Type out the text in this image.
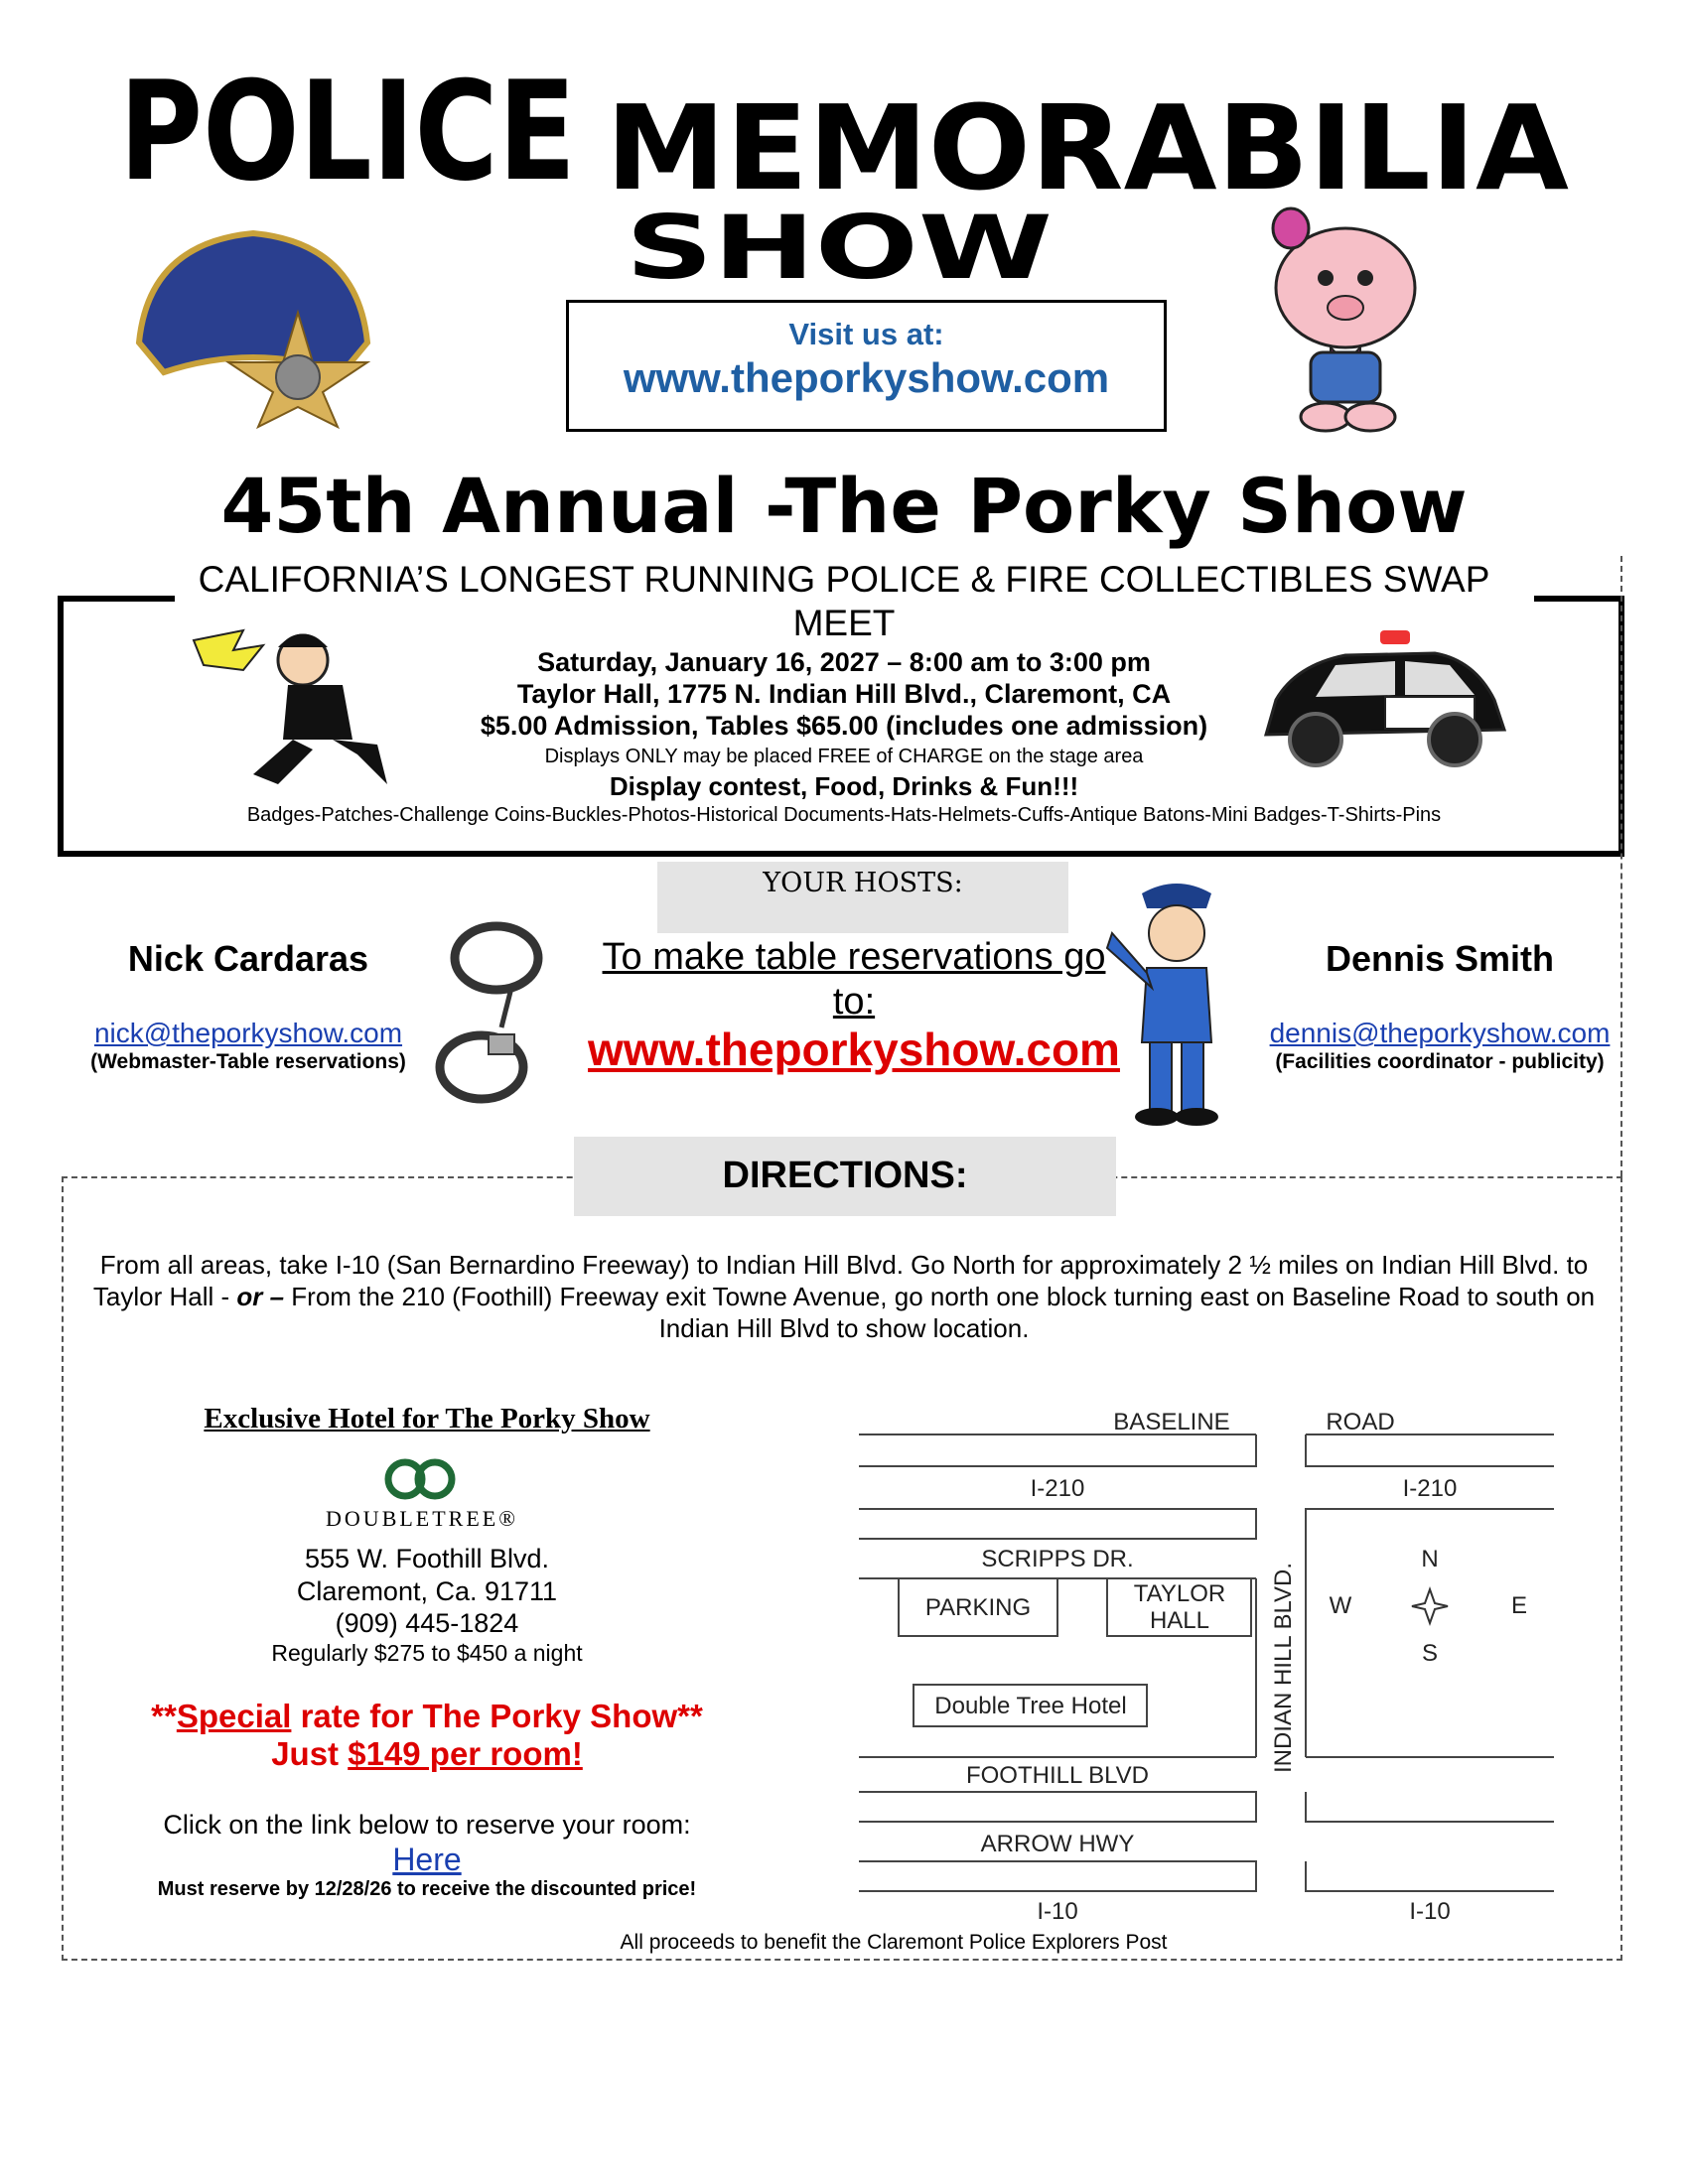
POLICE MEMORABILIA
SHOW
Visit us at:
www.theporkyshow.com
45th Annual -The Porky Show
CALIFORNIA’S LONGEST RUNNING POLICE & FIRE COLLECTIBLES SWAP MEET
Saturday, January 16, 2027 – 8:00 am to 3:00 pm
Taylor Hall, 1775 N. Indian Hill Blvd., Claremont, CA
$5.00 Admission, Tables $65.00 (includes one admission)
Displays ONLY may be placed FREE of CHARGE on the stage area
Display contest, Food, Drinks & Fun!!!
Badges-Patches-Challenge Coins-Buckles-Photos-Historical Documents-Hats-Helmets-Cuffs-Antique Batons-Mini Badges-T-Shirts-Pins
YOUR HOSTS:
Nick Cardaras
nick@theporkyshow.com
(Webmaster-Table reservations)
To make table reservations go to:
www.theporkyshow.com
Dennis Smith
dennis@theporkyshow.com
(Facilities coordinator - publicity)
DIRECTIONS:
From all areas, take I-10 (San Bernardino Freeway) to Indian Hill Blvd. Go North for approximately 2 ½ miles on Indian Hill Blvd. to Taylor Hall - or – From the 210 (Foothill) Freeway exit Towne Avenue, go north one block turning east on Baseline Road to south on Indian Hill Blvd to show location.
Exclusive Hotel for The Porky Show
DOUBLETREE®
555 W. Foothill Blvd.
Claremont, Ca. 91711
(909) 445-1824
Regularly $275 to $450 a night
**Special rate for The Porky Show**
Just $149 per room!
Click on the link below to reserve your room:
Here
Must reserve by 12/28/26 to receive the discounted price!
BASELINE	ROAD
I-210	I-210
SCRIPPS DR.
PARKING
TAYLOR
HALL
Double Tree Hotel
FOOTHILL BLVD
ARROW HWY
I-10	I-10
INDIAN HILL BLVD.
N
S
E
W
All proceeds to benefit the Claremont Police Explorers Post
